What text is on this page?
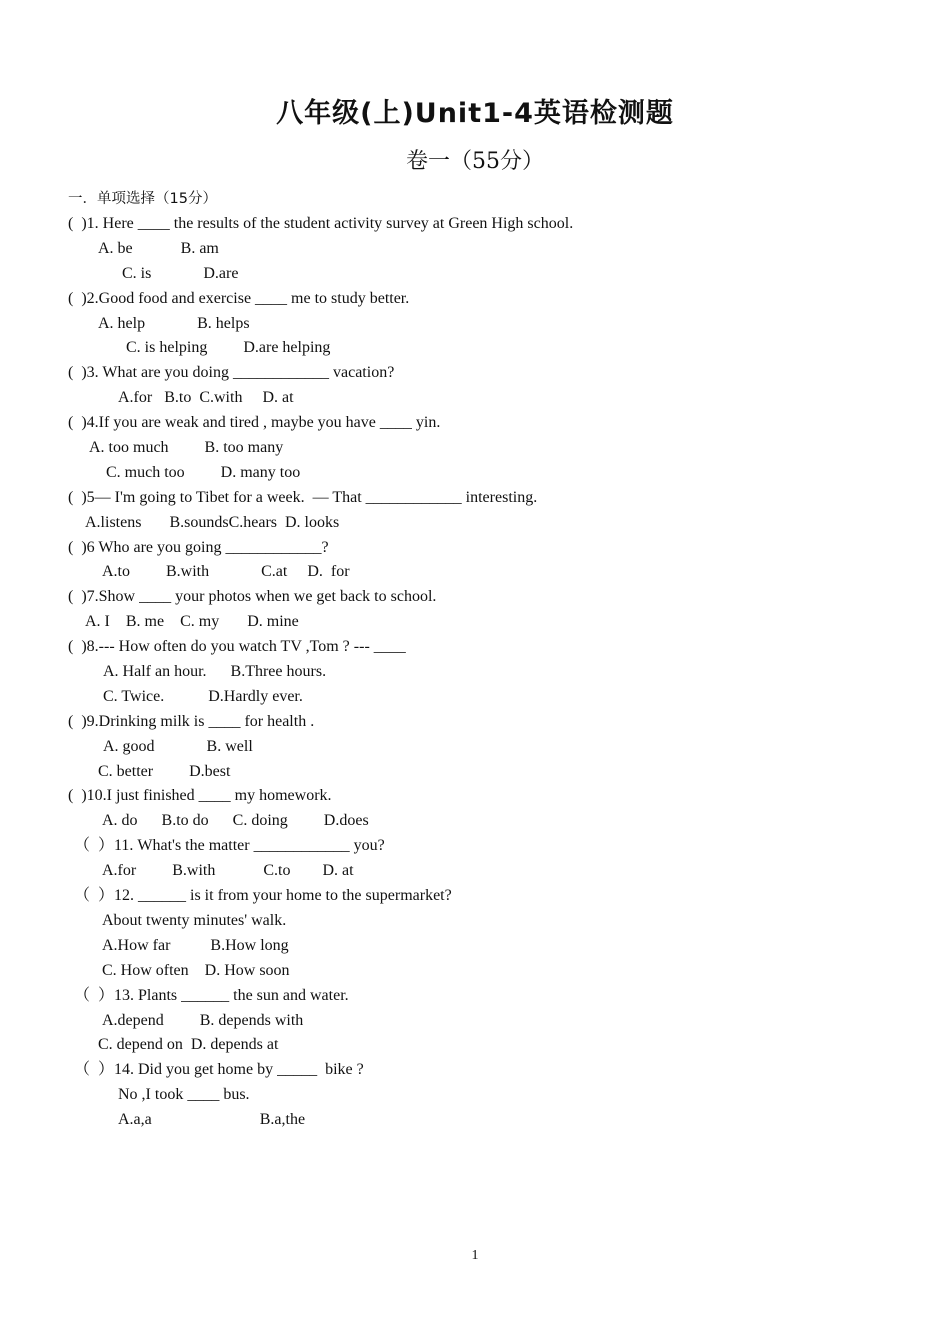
八年级(上)Unit1-4英语检测题
卷一（55分）
一．单项选择（15分）
(  )1. Here ____ the results of the student activity survey at Green High school.
A. be            B. am
C. is             D.are
(  )2.Good food and exercise ____ me to study better.
A. help             B. helps
C. is helping         D.are helping
(  )3. What are you doing ____________ vacation?
A.for   B.to  C.with     D. at
(  )4.If you are weak and tired , maybe you have ____ yin.
A. too much         B. too many
C. much too         D. many too
(  )5— I'm going to Tibet for a week.  — That ____________ interesting.
A.listens       B.soundsC.hears  D. looks
(  )6 Who are you going ____________?
A.to         B.with             C.at     D.  for
(  )7.Show ____ your photos when we get back to school.
A. I    B. me    C. my       D. mine
(  )8.--- How often do you watch TV ,Tom ? --- ____
A. Half an hour.      B.Three hours.
C. Twice.           D.Hardly ever.
(  )9.Drinking milk is ____ for health .
A. good             B. well
C. better         D.best
(  )10.I just finished ____ my homework.
A. do      B.to do      C. doing         D.does
（  ）11. What's the matter ____________ you?
A.for         B.with            C.to        D. at
（  ）12. ______ is it from your home to the supermarket?
About twenty minutes' walk.
A.How far          B.How long
C. How often    D. How soon
（  ）13. Plants ______ the sun and water.
A.depend         B. depends with
C. depend on  D. depends at
（  ）14. Did you get home by _____  bike ?
No ,I took ____ bus.
A.a,a                           B.a,the
1
